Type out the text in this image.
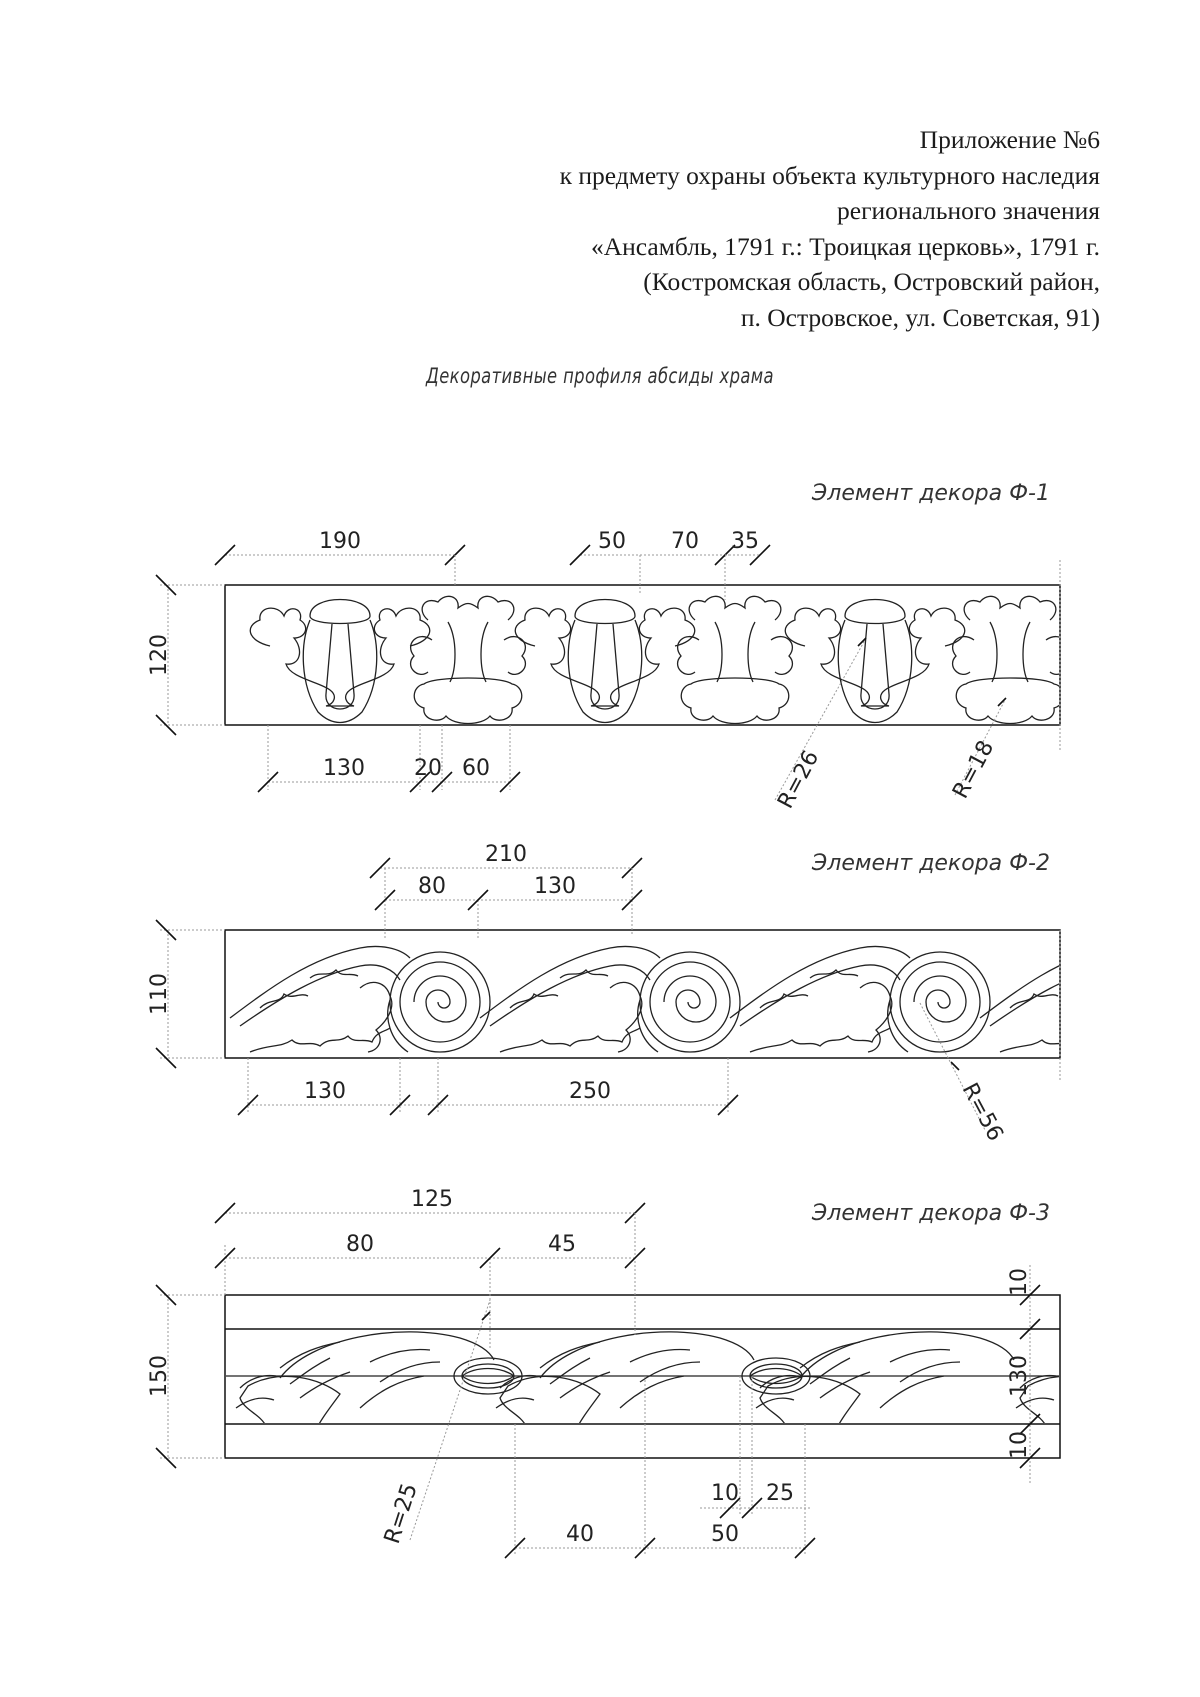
Приложение №6
к предмету охраны объекта культурного наследия
регионального значения
«Ансамбль, 1791 г.: Троицкая церковь», 1791 г.
(Костромская область, Островский район,
п. Островское, ул. Советская, 91)
Декоративные профиля абсиды храма
Элемент декора Ф-1
120
190	50 70 35
130 20 60	R=26	R=18
Элемент декора Ф-2
110
210
80	130
130	250	R=56
Элемент декора Ф-3
150
125
80	45
10
130
10
10 25
40	50
R=25
